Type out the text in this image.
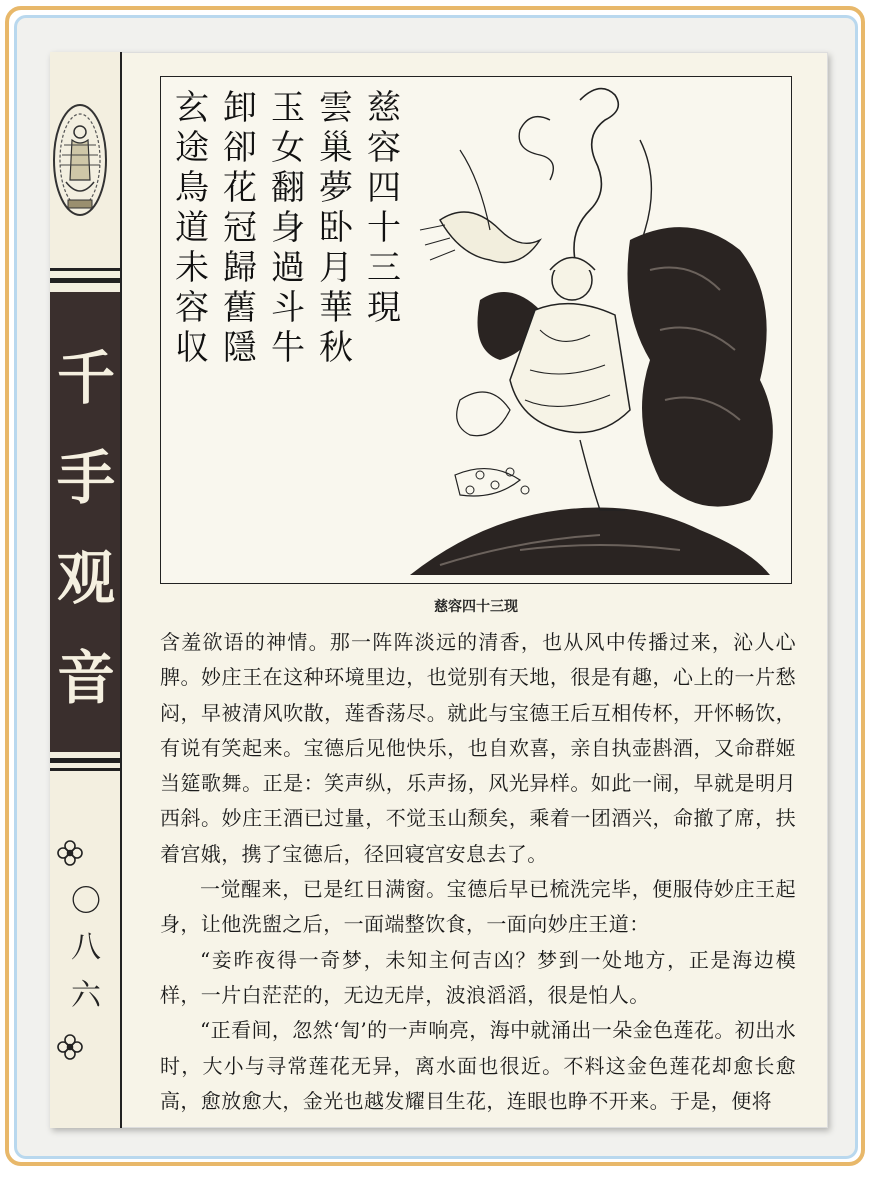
千
手
观
音
〇
八
六
慈容四十三現
雲巢夢卧月華秋
玉女翻身過斗牛
卸卻花冠歸舊隱
玄途鳥道未容収
慈容四十三现

含羞欲语的神情。那一阵阵淡远的清香，也从风中传播过来，沁人心脾。妙庄王在这种环境里边，也觉别有天地，很是有趣，心上的一片愁闷，早被清风吹散，莲香荡尽。就此与宝德王后互相传杯，开怀畅饮，有说有笑起来。宝德后见他快乐，也自欢喜，亲自执壶斟酒，又命群姬当筵歌舞。正是：笑声纵，乐声扬，风光异样。如此一闹，早就是明月西斜。妙庄王酒已过量，不觉玉山颓矣，乘着一团酒兴，命撤了席，扶着宫娥，携了宝德后，径回寝宫安息去了。

一觉醒来，已是红日满窗。宝德后早已梳洗完毕，便服侍妙庄王起身，让他洗盥之后，一面端整饮食，一面向妙庄王道：

“妾昨夜得一奇梦，未知主何吉凶？梦到一处地方，正是海边模样，一片白茫茫的，无边无岸，波浪滔滔，很是怕人。

“正看间，忽然‘訇’的一声响亮，海中就涌出一朵金色莲花。初出水时，大小与寻常莲花无异，离水面也很近。不料这金色莲花却愈长愈高，愈放愈大，金光也越发耀目生花，连眼也睁不开来。于是，便将
